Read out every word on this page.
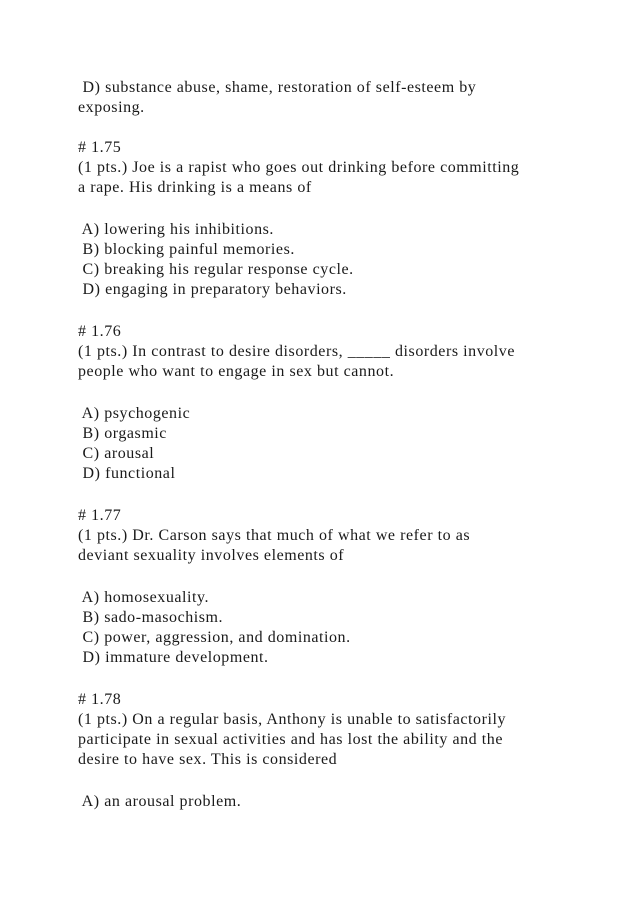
D) substance abuse, shame, restoration of self-esteem by
exposing.
# 1.75
(1 pts.) Joe is a rapist who goes out drinking before committing
a rape. His drinking is a means of
A) lowering his inhibitions.
B) blocking painful memories.
C) breaking his regular response cycle.
D) engaging in preparatory behaviors.
# 1.76
(1 pts.) In contrast to desire disorders, _____ disorders involve
people who want to engage in sex but cannot.
A) psychogenic
B) orgasmic
C) arousal
D) functional
# 1.77
(1 pts.) Dr. Carson says that much of what we refer to as
deviant sexuality involves elements of
A) homosexuality.
B) sado-masochism.
C) power, aggression, and domination.
D) immature development.
# 1.78
(1 pts.) On a regular basis, Anthony is unable to satisfactorily
participate in sexual activities and has lost the ability and the
desire to have sex. This is considered
A) an arousal problem.
